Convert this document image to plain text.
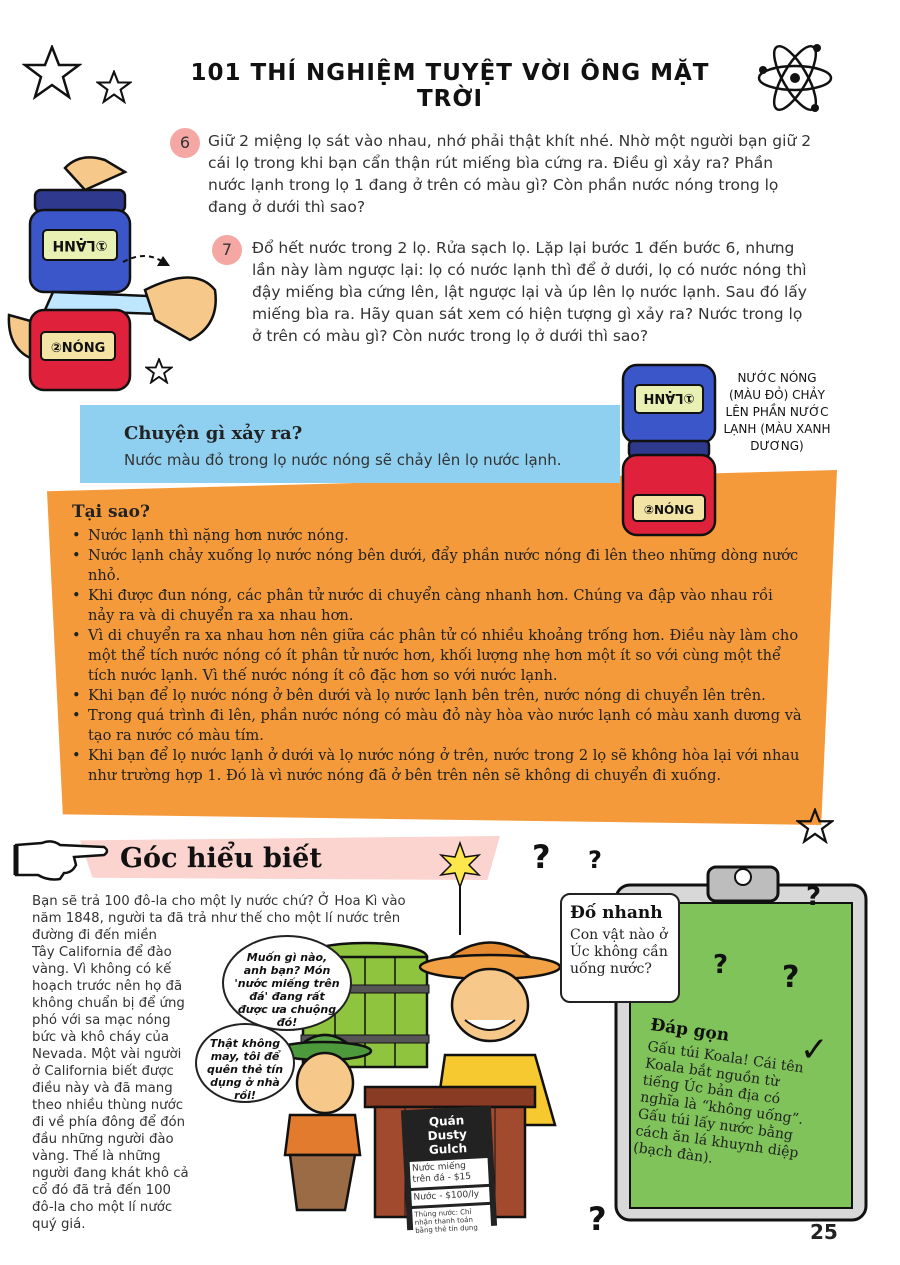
101 THÍ NGHIỆM TUYỆT VỜI ÔNG MẶT TRỜI
①LẠNH
②NÓNG
6	Giữ 2 miệng lọ sát vào nhau, nhớ phải thật khít nhé. Nhờ một người bạn giữ 2 cái lọ trong khi bạn cẩn thận rút miếng bìa cứng ra. Điều gì xảy ra? Phần nước lạnh trong lọ 1 đang ở trên có màu gì? Còn phần nước nóng trong lọ đang ở dưới thì sao?
7	Đổ hết nước trong 2 lọ. Rửa sạch lọ. Lặp lại bước 1 đến bước 6, nhưng lần này làm ngược lại: lọ có nước lạnh thì để ở dưới, lọ có nước nóng thì đậy miếng bìa cứng lên, lật ngược lại và úp lên lọ nước lạnh. Sau đó lấy miếng bìa ra. Hãy quan sát xem có hiện tượng gì xảy ra? Nước trong lọ ở trên có màu gì? Còn nước trong lọ ở dưới thì sao?
Chuyện gì xảy ra?
Nước màu đỏ trong lọ nước nóng sẽ chảy lên lọ nước lạnh.
①LẠNH
②NÓNG
NƯỚC NÓNG (MÀU ĐỎ) CHẢY LÊN PHẦN NƯỚC LẠNH (MÀU XANH DƯƠNG)
Tại sao?
• Nước lạnh thì nặng hơn nước nóng.
• Nước lạnh chảy xuống lọ nước nóng bên dưới, đẩy phần nước nóng đi lên theo những dòng nước nhỏ.
• Khi được đun nóng, các phân tử nước di chuyển càng nhanh hơn. Chúng va đập vào nhau rồi nảy ra và di chuyển ra xa nhau hơn.
• Vì di chuyển ra xa nhau hơn nên giữa các phân tử có nhiều khoảng trống hơn. Điều này làm cho một thể tích nước nóng có ít phân tử nước hơn, khối lượng nhẹ hơn một ít so với cùng một thể tích nước lạnh. Vì thế nước nóng ít cô đặc hơn so với nước lạnh.
• Khi bạn để lọ nước nóng ở bên dưới và lọ nước lạnh bên trên, nước nóng di chuyển lên trên.
• Trong quá trình đi lên, phần nước nóng có màu đỏ này hòa vào nước lạnh có màu xanh dương và tạo ra nước có màu tím.
• Khi bạn để lọ nước lạnh ở dưới và lọ nước nóng ở trên, nước trong 2 lọ sẽ không hòa lại với nhau như trường hợp 1. Đó là vì nước nóng đã ở bên trên nên sẽ không di chuyển đi xuống.
Góc hiểu biết
Bạn sẽ trả 100 đô-la cho một ly nước chứ? Ở Hoa Kì vào năm 1848, người ta đã trả như thế cho một lí nước trên đường đi đến miền
Tây California để đào
vàng. Vì không có kế
hoạch trước nên họ đã
không chuẩn bị để ứng
phó với sa mạc nóng
bức và khô cháy của
Nevada. Một vài người
ở California biết được
điều này và đã mang
theo nhiều thùng nước
đi về phía đông để đón
đầu những người đào
vàng. Thế là những
người đang khát khô cả
cổ đó đã trả đến 100
đô-la cho một lí nước
quý giá.
Muốn gì nào, anh bạn? Món 'nước miếng trên đá' đang rất được ưa chuộng đó!
Thật không may, tôi để quên thẻ tín dụng ở nhà rồi!
Quán Dusty Gulch
Nước miếng trên đá - $15
Nước - $100/ly
Thùng nước: Chỉ nhận thanh toán bằng thẻ tín dụng
Đố nhanh
Con vật nào ở Úc không cần uống nước?
Đáp gọn
Gấu túi Koala! Cái tên Koala bắt nguồn từ tiếng Úc bản địa có nghĩa là “không uống”. Gấu túi lấy nước bằng cách ăn lá khuynh diệp (bạch đàn).
✓
? ?
?
? ?
?	25
